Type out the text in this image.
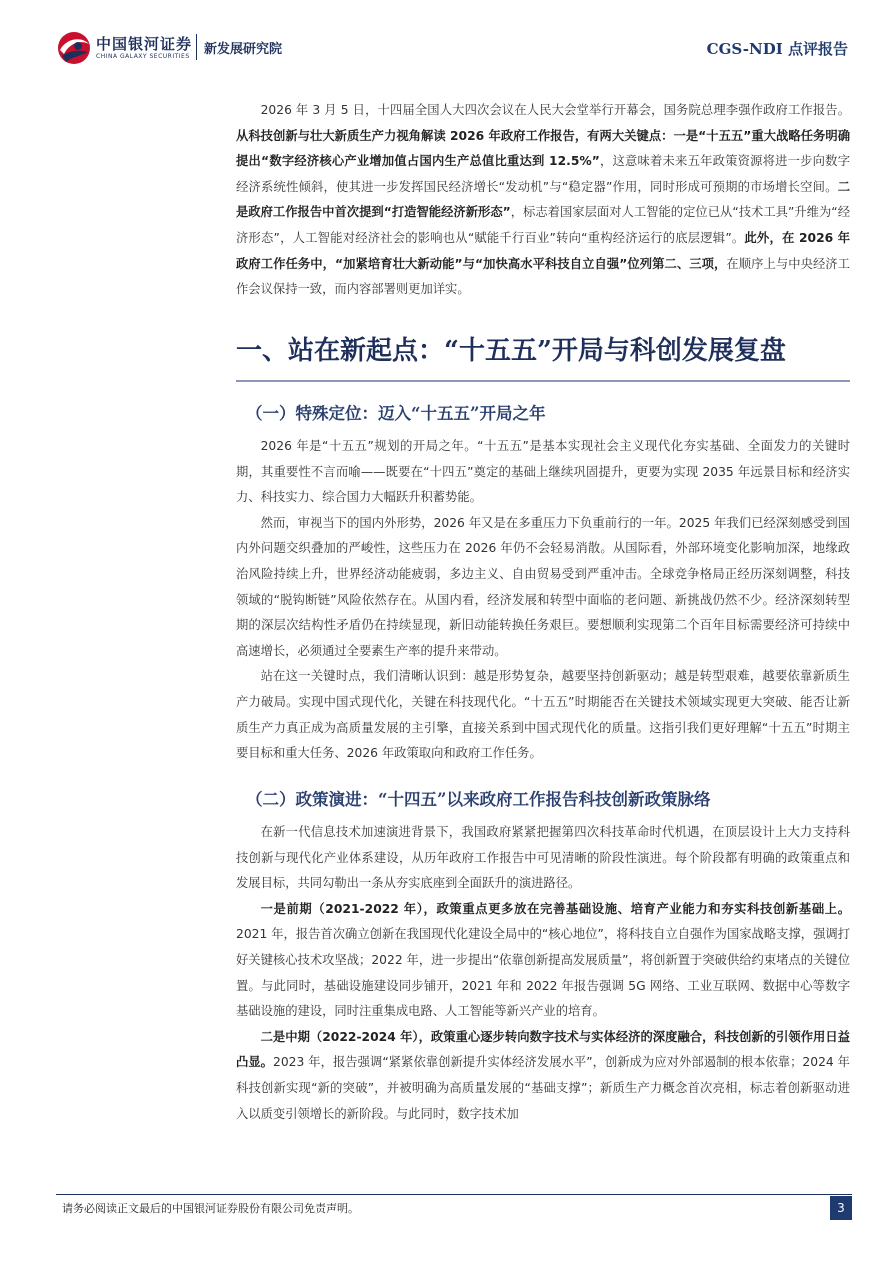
中国银河证券
CHINA GALAXY SECURITIES 新发展研究院	CGS-NDI 点评报告

2026 年 3 月 5 日，十四届全国人大四次会议在人民大会堂举行开幕会，国务院总理李强作政府工作报告。从科技创新与壮大新质生产力视角解读 2026 年政府工作报告，有两大关键点：一是“十五五”重大战略任务明确提出“数字经济核心产业增加值占国内生产总值比重达到 12.5%”，这意味着未来五年政策资源将进一步向数字经济系统性倾斜，使其进一步发挥国民经济增长“发动机”与“稳定器”作用，同时形成可预期的市场增长空间。二是政府工作报告中首次提到“打造智能经济新形态”，标志着国家层面对人工智能的定位已从“技术工具”升维为“经济形态”，人工智能对经济社会的影响也从“赋能千行百业”转向“重构经济运行的底层逻辑”。此外，在 2026 年政府工作任务中，“加紧培育壮大新动能”与“加快高水平科技自立自强”位列第二、三项，在顺序上与中央经济工作会议保持一致，而内容部署则更加详实。

一、站在新起点：“十五五”开局与科创发展复盘
（一）特殊定位：迈入“十五五”开局之年

2026 年是“十五五”规划的开局之年。“十五五”是基本实现社会主义现代化夯实基础、全面发力的关键时期，其重要性不言而喻——既要在“十四五”奠定的基础上继续巩固提升，更要为实现 2035 年远景目标和经济实力、科技实力、综合国力大幅跃升积蓄势能。

然而，审视当下的国内外形势，2026 年又是在多重压力下负重前行的一年。2025 年我们已经深刻感受到国内外问题交织叠加的严峻性，这些压力在 2026 年仍不会轻易消散。从国际看，外部环境变化影响加深，地缘政治风险持续上升，世界经济动能疲弱，多边主义、自由贸易受到严重冲击。全球竞争格局正经历深刻调整，科技领域的“脱钩断链”风险依然存在。从国内看，经济发展和转型中面临的老问题、新挑战仍然不少。经济深刻转型期的深层次结构性矛盾仍在持续显现，新旧动能转换任务艰巨。要想顺利实现第二个百年目标需要经济可持续中高速增长，必须通过全要素生产率的提升来带动。

站在这一关键时点，我们清晰认识到：越是形势复杂，越要坚持创新驱动；越是转型艰难，越要依靠新质生产力破局。实现中国式现代化，关键在科技现代化。“十五五”时期能否在关键技术领域实现更大突破、能否让新质生产力真正成为高质量发展的主引擎，直接关系到中国式现代化的质量。这指引我们更好理解“十五五”时期主要目标和重大任务、2026 年政策取向和政府工作任务。

（二）政策演进：“十四五”以来政府工作报告科技创新政策脉络

在新一代信息技术加速演进背景下，我国政府紧紧把握第四次科技革命时代机遇，在顶层设计上大力支持科技创新与现代化产业体系建设，从历年政府工作报告中可见清晰的阶段性演进。每个阶段都有明确的政策重点和发展目标，共同勾勒出一条从夯实底座到全面跃升的演进路径。

一是前期（2021-2022 年），政策重点更多放在完善基础设施、培育产业能力和夯实科技创新基础上。2021 年，报告首次确立创新在我国现代化建设全局中的“核心地位”，将科技自立自强作为国家战略支撑，强调打好关键核心技术攻坚战；2022 年，进一步提出“依靠创新提高发展质量”，将创新置于突破供给约束堵点的关键位置。与此同时，基础设施建设同步铺开，2021 年和 2022 年报告强调 5G 网络、工业互联网、数据中心等数字基础设施的建设，同时注重集成电路、人工智能等新兴产业的培育。

二是中期（2022-2024 年），政策重心逐步转向数字技术与实体经济的深度融合，科技创新的引领作用日益凸显。2023 年，报告强调“紧紧依靠创新提升实体经济发展水平”，创新成为应对外部遏制的根本依靠；2024 年科技创新实现“新的突破”，并被明确为高质量发展的“基础支撑”；新质生产力概念首次亮相，标志着创新驱动进入以质变引领增长的新阶段。与此同时，数字技术加

请务必阅读正文最后的中国银河证券股份有限公司免责声明。	3
